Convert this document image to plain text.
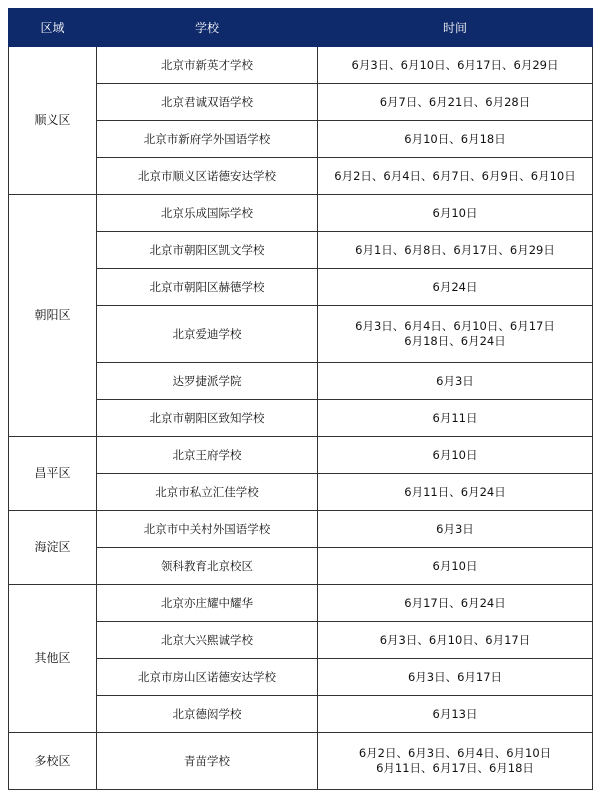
区域	学校	时间
顺义区	北京市新英才学校	6月3日、6月10日、6月17日、6月29日

	北京君诚双语学校	6月7日、6月21日、6月28日

	北京市新府学外国语学校	6月10日、6月18日

	北京市顺义区诺德安达学校	6月2日、6月4日、6月7日、6月9日、6月10日

朝阳区	北京乐成国际学校	6月10日

	北京市朝阳区凯文学校	6月1日、6月8日、6月17日、6月29日

	北京市朝阳区赫德学校	6月24日

	北京爱迪学校	6月3日、6月4日、6月10日、6月17日
6月18日、6月24日

	达罗捷派学院	6月3日

	北京市朝阳区致知学校	6月11日

昌平区	北京王府学校	6月10日

	北京市私立汇佳学校	6月11日、6月24日

海淀区	北京市中关村外国语学校	6月3日

	领科教育北京校区	6月10日

其他区	北京亦庄耀中耀华	6月17日、6月24日

	北京大兴熙诚学校	6月3日、6月10日、6月17日

	北京市房山区诺德安达学校	6月3日、6月17日

	北京德闳学校	6月13日

多校区	青苗学校	6月2日、6月3日、6月4日、6月10日
6月11日、6月17日、6月18日
